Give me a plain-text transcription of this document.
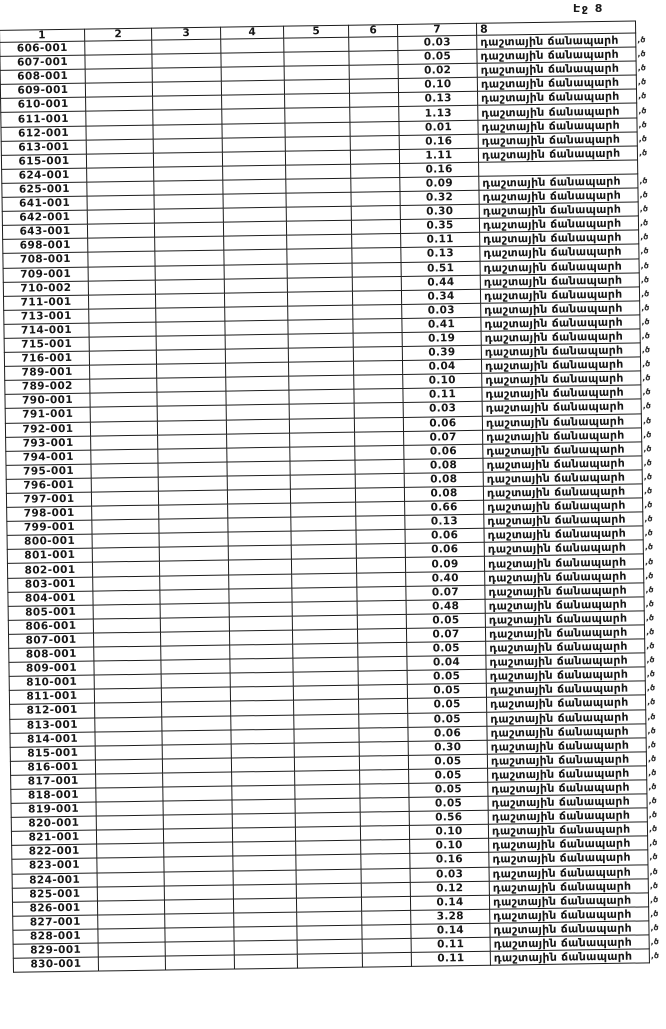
Էջ 8
1	2	3	4	5	6	7	8	
606-001						0.03	դաշտային ճանապարհ	,ծ
607-001						0.05	դաշտային ճանապարհ	,ծ
608-001						0.02	դաշտային ճանապարհ	,ծ
609-001						0.10	դաշտային ճանապարհ	,ծ
610-001						0.13	դաշտային ճանապարհ	,ծ
611-001						1.13	դաշտային ճանապարհ	,ծ
612-001						0.01	դաշտային ճանապարհ	,ծ
613-001						0.16	դաշտային ճանապարհ	,ծ
615-001						1.11	դաշտային ճանապարհ	,ծ
624-001						0.16		
625-001						0.09	դաշտային ճանապարհ	,ծ
641-001						0.32	դաշտային ճանապարհ	,ծ
642-001						0.30	դաշտային ճանապարհ	,ծ
643-001						0.35	դաշտային ճանապարհ	,ծ
698-001						0.11	դաշտային ճանապարհ	,ծ
708-001						0.13	դաշտային ճանապարհ	,ծ
709-001						0.51	դաշտային ճանապարհ	,ծ
710-002						0.44	դաշտային ճանապարհ	,ծ
711-001						0.34	դաշտային ճանապարհ	,ծ
713-001						0.03	դաշտային ճանապարհ	,ծ
714-001						0.41	դաշտային ճանապարհ	,ծ
715-001						0.19	դաշտային ճանապարհ	,ծ
716-001						0.39	դաշտային ճանապարհ	,ծ
789-001						0.04	դաշտային ճանապարհ	,ծ
789-002						0.10	դաշտային ճանապարհ	,ծ
790-001						0.11	դաշտային ճանապարհ	,ծ
791-001						0.03	դաշտային ճանապարհ	,ծ
792-001						0.06	դաշտային ճանապարհ	,ծ
793-001						0.07	դաշտային ճանապարհ	,ծ
794-001						0.06	դաշտային ճանապարհ	,ծ
795-001						0.08	դաշտային ճանապարհ	,ծ
796-001						0.08	դաշտային ճանապարհ	,ծ
797-001						0.08	դաշտային ճանապարհ	,ծ
798-001						0.66	դաշտային ճանապարհ	,ծ
799-001						0.13	դաշտային ճանապարհ	,ծ
800-001						0.06	դաշտային ճանապարհ	,ծ
801-001						0.06	դաշտային ճանապարհ	,ծ
802-001						0.09	դաշտային ճանապարհ	,ծ
803-001						0.40	դաշտային ճանապարհ	,ծ
804-001						0.07	դաշտային ճանապարհ	,ծ
805-001						0.48	դաշտային ճանապարհ	,ծ
806-001						0.05	դաշտային ճանապարհ	,ծ
807-001						0.07	դաշտային ճանապարհ	,ծ
808-001						0.05	դաշտային ճանապարհ	,ծ
809-001						0.04	դաշտային ճանապարհ	,ծ
810-001						0.05	դաշտային ճանապարհ	,ծ
811-001						0.05	դաշտային ճանապարհ	,ծ
812-001						0.05	դաշտային ճանապարհ	,ծ
813-001						0.05	դաշտային ճանապարհ	,ծ
814-001						0.06	դաշտային ճանապարհ	,ծ
815-001						0.30	դաշտային ճանապարհ	,ծ
816-001						0.05	դաշտային ճանապարհ	,ծ
817-001						0.05	դաշտային ճանապարհ	,ծ
818-001						0.05	դաշտային ճանապարհ	,ծ
819-001						0.05	դաշտային ճանապարհ	,ծ
820-001						0.56	դաշտային ճանապարհ	,ծ
821-001						0.10	դաշտային ճանապարհ	,ծ
822-001						0.10	դաշտային ճանապարհ	,ծ
823-001						0.16	դաշտային ճանապարհ	,ծ
824-001						0.03	դաշտային ճանապարհ	,ծ
825-001						0.12	դաշտային ճանապարհ	,ծ
826-001						0.14	դաշտային ճանապարհ	,ծ
827-001						3.28	դաշտային ճանապարհ	,ծ
828-001						0.14	դաշտային ճանապարհ	,ծ
829-001						0.11	դաշտային ճանապարհ	,ծ
830-001						0.11	դաշտային ճանապարհ	,ծ
